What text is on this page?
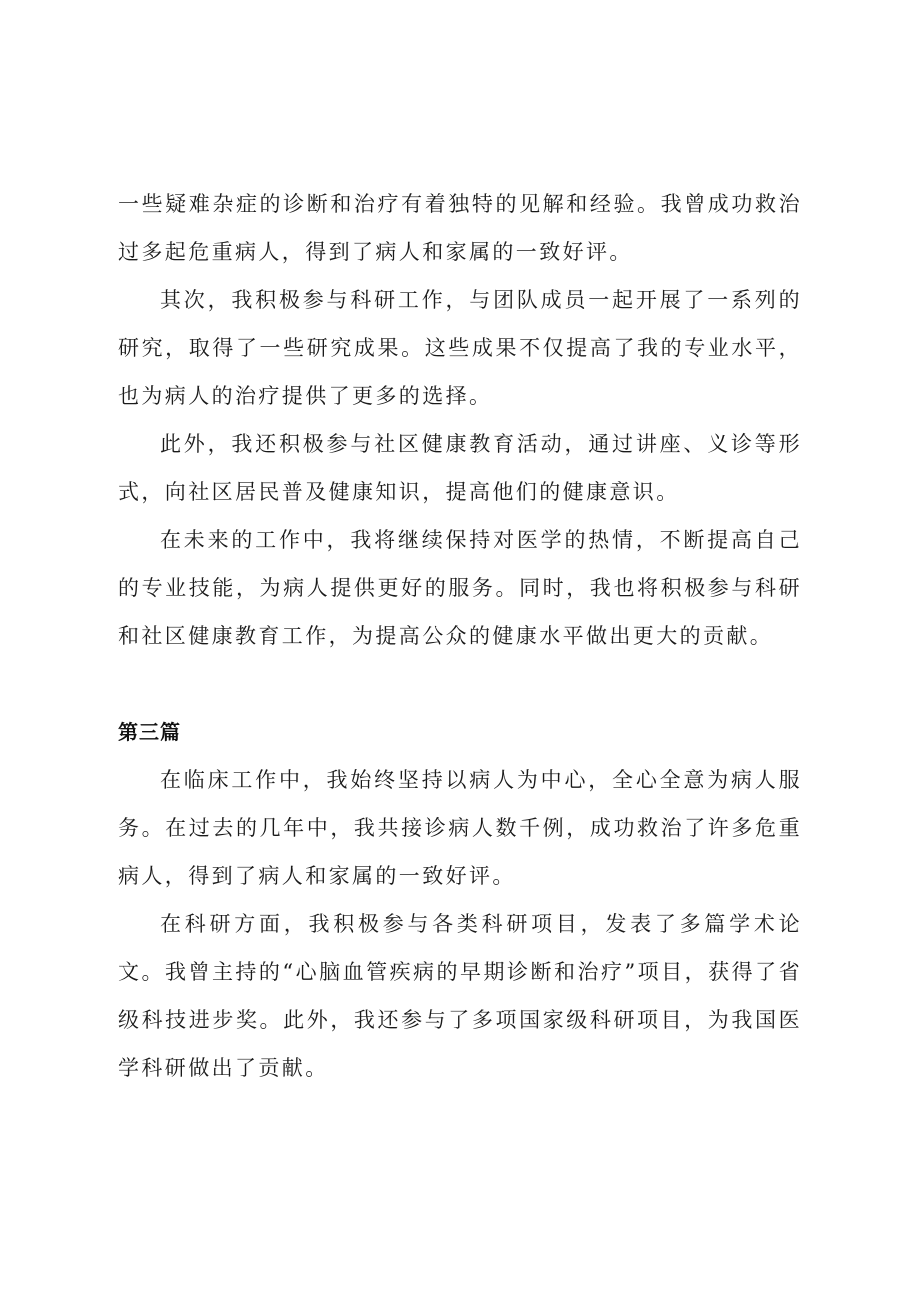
一些疑难杂症的诊断和治疗有着独特的见解和经验。我曾成功救治过多起危重病人，得到了病人和家属的一致好评。

其次，我积极参与科研工作，与团队成员一起开展了一系列的研究，取得了一些研究成果。这些成果不仅提高了我的专业水平，也为病人的治疗提供了更多的选择。

此外，我还积极参与社区健康教育活动，通过讲座、义诊等形式，向社区居民普及健康知识，提高他们的健康意识。

在未来的工作中，我将继续保持对医学的热情，不断提高自己的专业技能，为病人提供更好的服务。同时，我也将积极参与科研和社区健康教育工作，为提高公众的健康水平做出更大的贡献。

第三篇

在临床工作中，我始终坚持以病人为中心，全心全意为病人服务。在过去的几年中，我共接诊病人数千例，成功救治了许多危重病人，得到了病人和家属的一致好评。

在科研方面，我积极参与各类科研项目，发表了多篇学术论文。我曾主持的“心脑血管疾病的早期诊断和治疗”项目，获得了省级科技进步奖。此外，我还参与了多项国家级科研项目，为我国医学科研做出了贡献。
